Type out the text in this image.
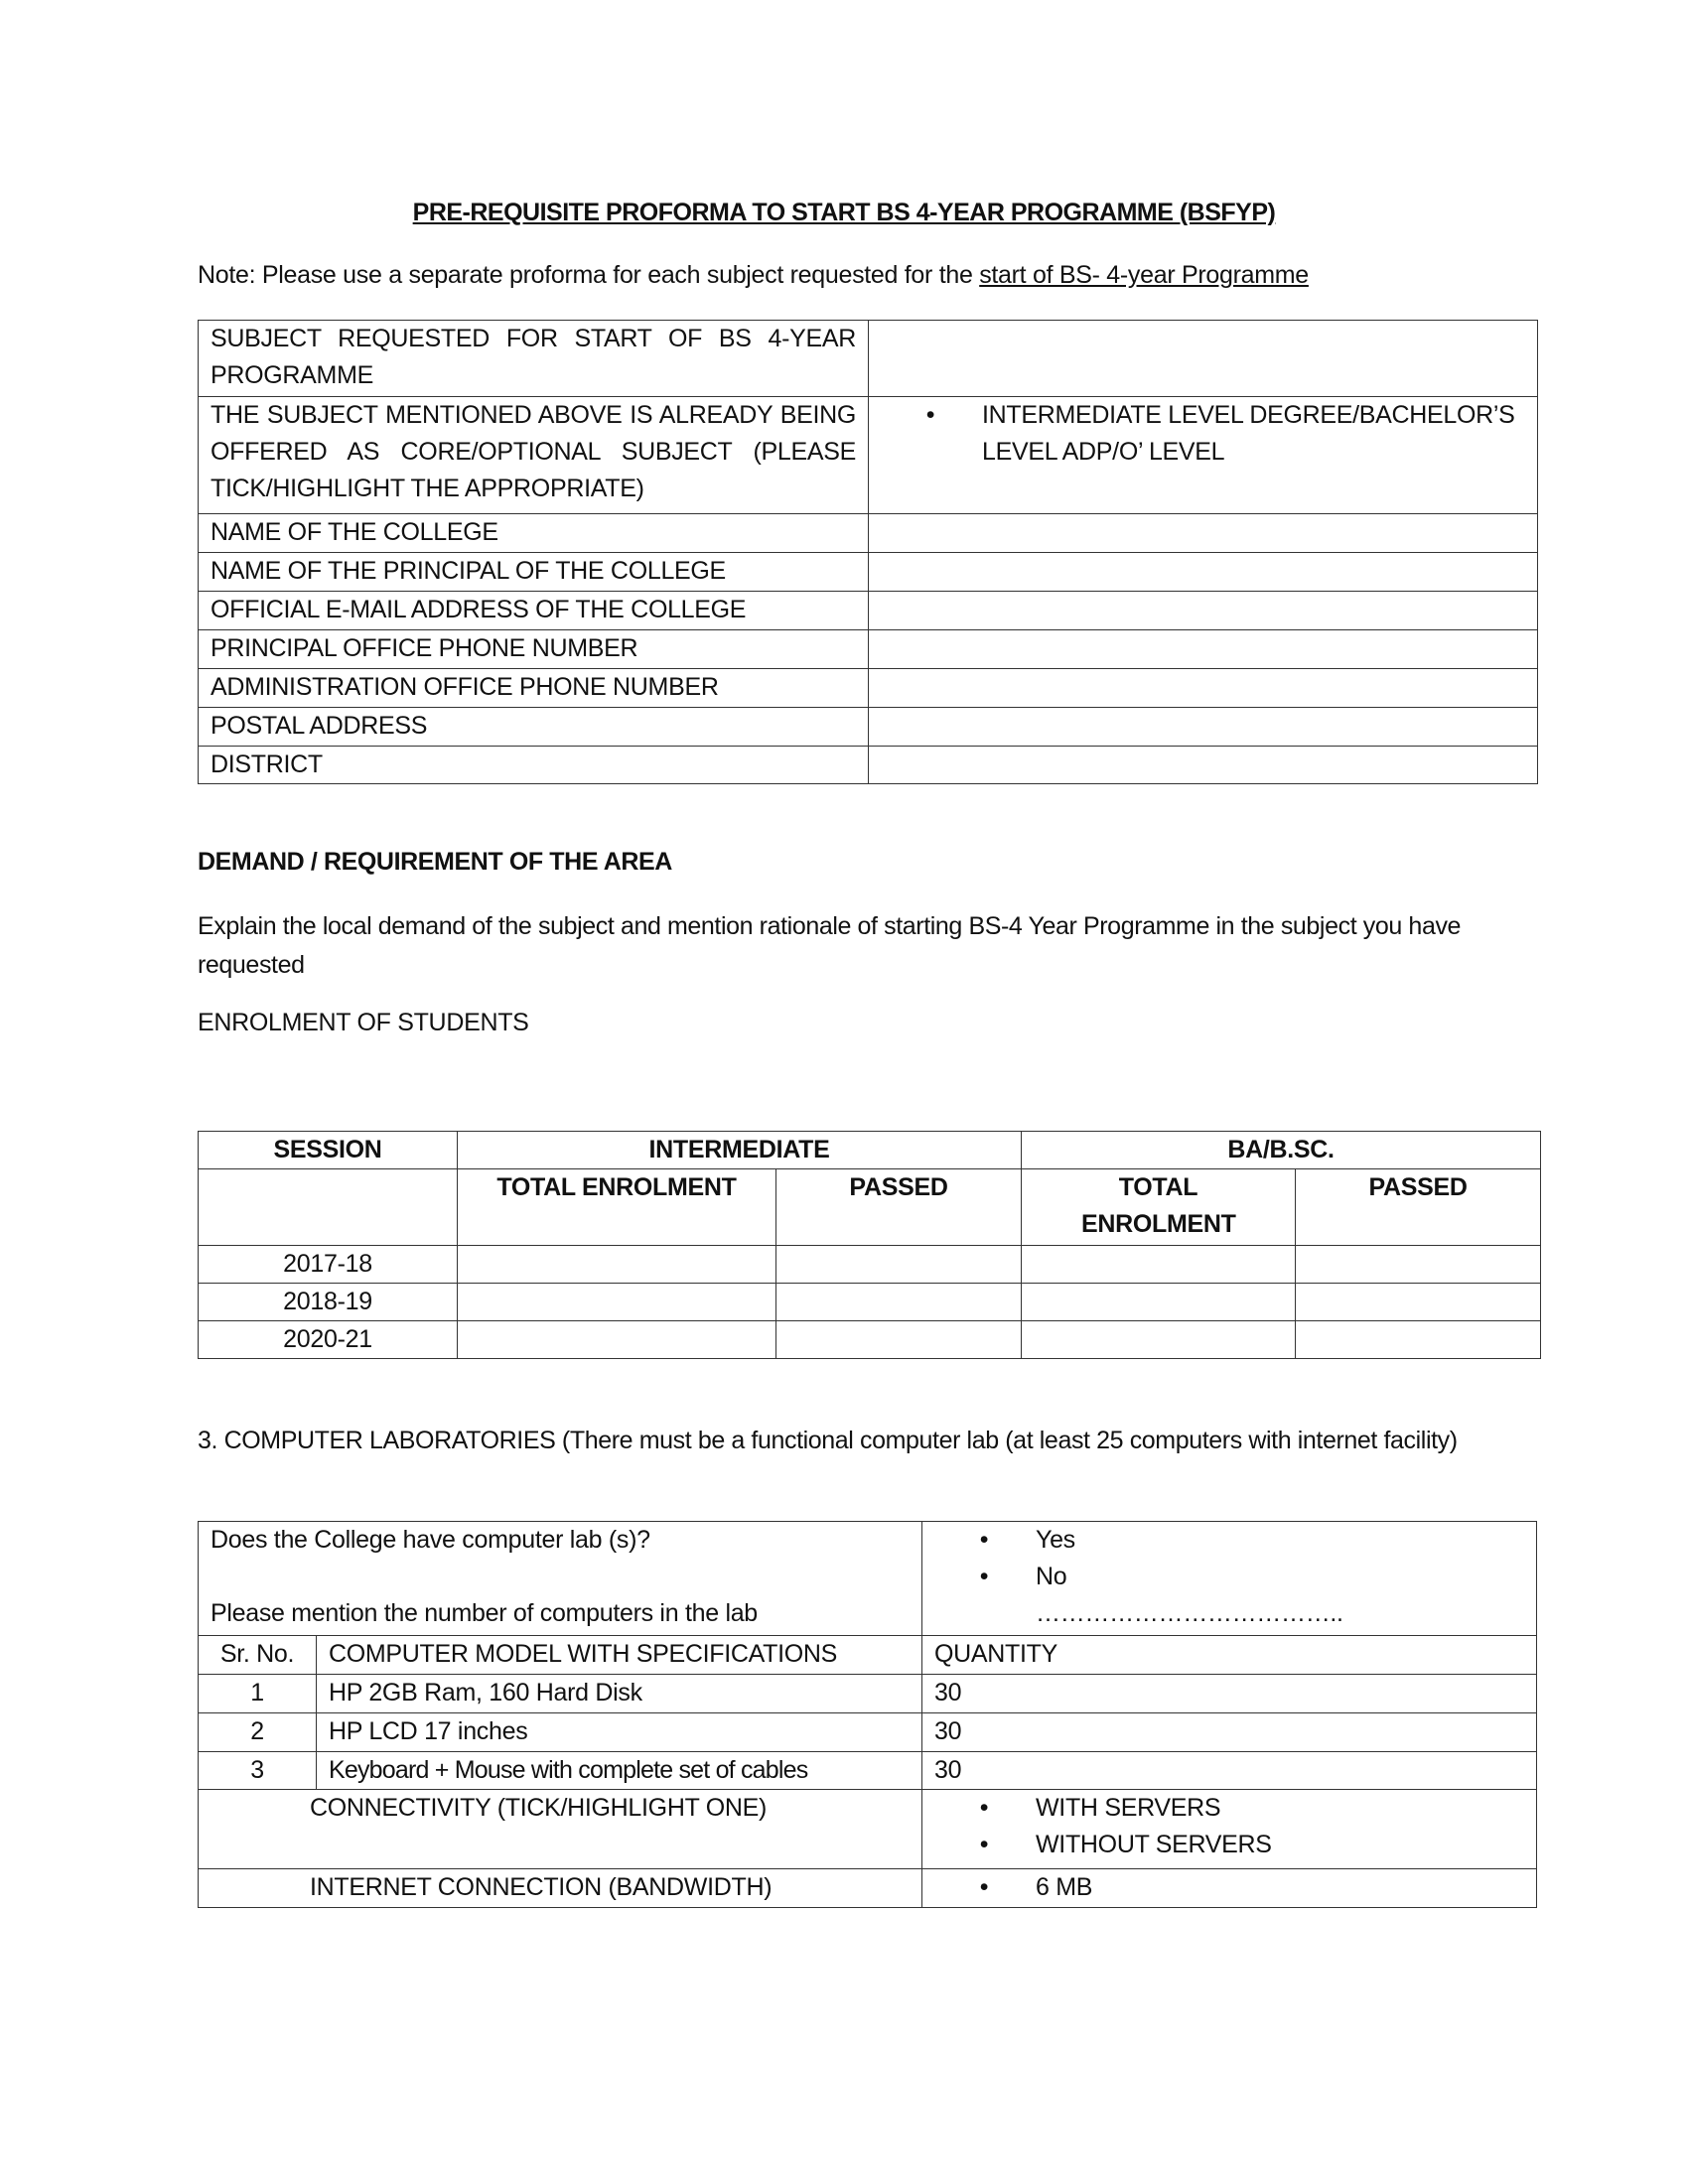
PRE-REQUISITE PROFORMA TO START BS 4-YEAR PROGRAMME (BSFYP)
Note: Please use a separate proforma for each subject requested for the start of BS- 4-year Programme
SUBJECT REQUESTED FOR START OF BS 4-YEAR PROGRAMME	
THE SUBJECT MENTIONED ABOVE IS ALREADY BEING OFFERED AS CORE/OPTIONAL SUBJECT (PLEASE TICK/HIGHLIGHT THE APPROPRIATE)	• INTERMEDIATE LEVEL DEGREE/BACHELOR’S LEVEL ADP/O’ LEVEL

NAME OF THE COLLEGE	
NAME OF THE PRINCIPAL OF THE COLLEGE	
OFFICIAL E-MAIL ADDRESS OF THE COLLEGE	
PRINCIPAL OFFICE PHONE NUMBER	
ADMINISTRATION OFFICE PHONE NUMBER	
POSTAL ADDRESS	
DISTRICT	
DEMAND / REQUIREMENT OF THE AREA
Explain the local demand of the subject and mention rationale of starting BS-4 Year Programme in the subject you have requested
ENROLMENT OF STUDENTS
SESSION	INTERMEDIATE		BA/B.SC.	
	TOTAL ENROLMENT	PASSED	TOTAL ENROLMENT	PASSED
2017-18				
2018-19				
2020-21				
3. COMPUTER LABORATORIES (There must be a functional computer lab (at least 25 computers with internet facility)
Does the College have computer lab (s)?
Please mention the number of computers in the lab

•	Yes
•	No
………………………………..

Sr. No.	COMPUTER MODEL WITH SPECIFICATIONS	QUANTITY
1	HP 2GB Ram, 160 Hard Disk	30
2	HP LCD 17 inches	30
3	Keyboard + Mouse with complete set of cables	30
CONNECTIVITY (TICK/HIGHLIGHT ONE)		• WITH SERVERS
• WITHOUT SERVERS

INTERNET CONNECTION (BANDWIDTH)		• 6 MB
